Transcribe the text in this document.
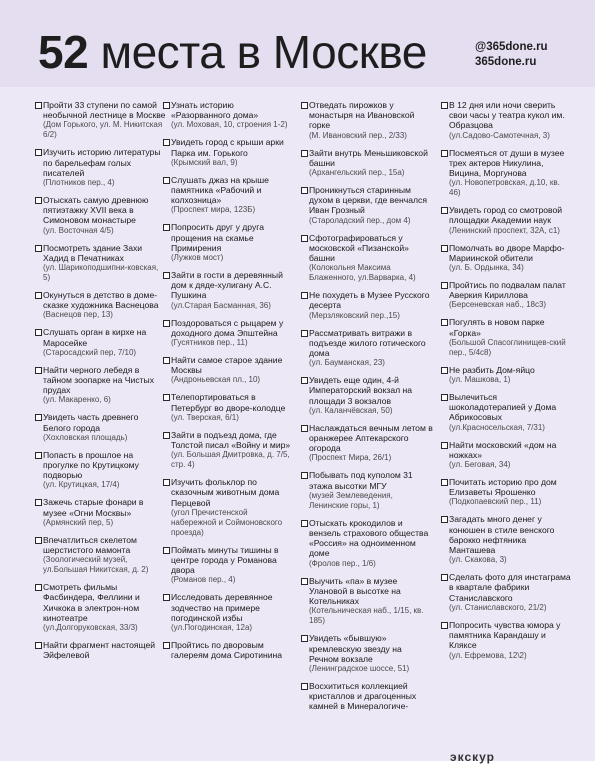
52 места в Москве	@365done.ru
365done.ru
Пройти 33 ступени по самой необычной лестнице в Москве
(Дом Горького, ул. М. Никитская 6/2)
Изучить историю литературы по барельефам голых писателей
(Плотников пер., 4)
Отыскать самую древнюю пятиэтажку XVII века в Симоновом монастыре
(ул. Восточная 4/5)
Посмотреть здание Захи Хадид в Печатниках
(ул. Шарикоподшипни-ковская, 5)
Окунуться в детство в доме-сказке художника Васнецова
(Васнецов пер, 13)
Слушать орган в кирхе на Маросейке
(Старосадский пер, 7/10)
Найти черного лебедя в тайном зоопарке на Чистых прудах
(ул. Макаренко, 6)
Увидеть часть древнего Белого города
(Хохловская площадь)
Попасть в прошлое на прогулке по Крутицкому подворью
(ул. Крутицкая, 17/4)
Зажечь старые фонари в музее «Огни Москвы»
(Армянский пер, 5)
Впечатлиться скелетом шерстистого мамонта
(Зоологический музей, ул.Большая Никитская, д. 2)
Смотреть фильмы Фасбиндера, Феллини и Хичкока в электрон-ном кинотеатре
(ул.Долгоруковская, 33/3)
Найти фрагмент настоящей Эйфелевой
Узнать историю «Разорванного дома»
(ул. Моховая, 10, строения 1-2)
Увидеть город с крыши арки Парка им. Горького
(Крымский вал, 9)
Слушать джаз на крыше памятника «Рабочий и колхозница»
(Проспект мира, 123Б)
Попросить друг у друга прощения на скамье Примирения
(Лужков мост)
Зайти в гости в деревянный дом к дяде-хулигану А.С. Пушкина
(ул.Старая Басманная, 36)
Поздороваться с рыцарем у доходного дома Эпштейна
(Гусятников пер., 11)
Найти самое старое здание Москвы
(Андроньевская пл., 10)
Телепортироваться в Петербург во дворе-колодце
(ул. Тверская, 6/1)
Зайти в подъезд дома, где Толстой писал «Войну и мир»
(ул. Большая Дмитровка, д. 7/5, стр. 4)
Изучить фольклор по сказочным животным дома Перцевой
(угол Пречистенской набережной и Соймоновского проезда)
Поймать минуты тишины в центре города у Романова двора
(Романов пер., 4)
Исследовать деревянное зодчество на примере погодинской избы
(ул.Погодинская, 12а)
Пройтись по дворовым галереям дома Сиротинина
Отведать пирожков у монастыря на Ивановской горке
(М. Ивановский пер., 2/33)
Зайти внутрь Меньшиковской башни
(Архангельский пер., 15а)
Проникнуться старинным духом в церкви, где венчался Иван Грозный
(Староладский пер., дом 4)
Сфотографироваться у московской «Пизанской» башни
(Колокольня Максима Блаженного, ул.Варварка, 4)
Не похудеть в Музее Русского десерта
(Мерзляковский пер.,15)
Рассматривать витражи в подъезде жилого готического дома
(ул. Бауманская, 23)
Увидеть еще один, 4-й Императорский вокзал на площади 3 вокзалов
(ул. Каланчёвская, 50)
Наслаждаться вечным летом в оранжерее Аптекарского огорода
(Проспект Мира, 26/1)
Побывать под куполом 31 этажа высотки МГУ
(музей Землеведения, Ленинские горы, 1)
Отыскать крокодилов и вензель страхового общества «Россия» на одноименном доме
(Фролов пер., 1/6)
Выучить «па» в музее Улановой в высотке на Котельниках
(Котельническая наб., 1/15, кв. 185)
Увидеть «бывшую» кремлевскую звезду на Речном вокзале
(Ленинградское шоссе, 51)
Восхититься коллекцией кристаллов и драгоценных камней в Минералогиче-
В 12 дня или ночи сверить свои часы у театра кукол им. Образцова
(ул.Садово-Самотечная, 3)
Посмеяться от души в музее трех актеров Никулина, Вицина, Моргунова
(ул. Новопетровская, д.10, кв. 46)
Увидеть город со смотровой площадки Академии наук
(Ленинский проспект, 32А, с1)
Помолчать во дворе Марфо-Мариинской обители
(ул. Б. Ордынка, 34)
Пройтись по подвалам палат Аверкия Кириллова
(Берсеневская наб., 18с3)
Погулять в новом парке «Горка»
(Большой Спасоглинищев-ский пер., 5/4с8)
Не разбить Дом-яйцо
(ул. Машкова, 1)
Вылечиться шоколадотерапией у Дома Абрикосовых
(ул.Красносельская, 7/31)
Найти московский «дом на ножках»
(ул. Беговая, 34)
Почитать историю про дом Елизаветы Ярошенко
(Подкопаевский пер., 11)
Загадать много денег у конюшен в стиле венского барокко нефтяника Манташева
(ул. Скакова, 3)
Сделать фото для инстаграма в квартале фабрики Станиславского
(ул. Станиславского, 21/2)
Попросить чувства юмора у памятника Карандашу и Кляксе
(ул. Ефремова, 12\2)
экскур
